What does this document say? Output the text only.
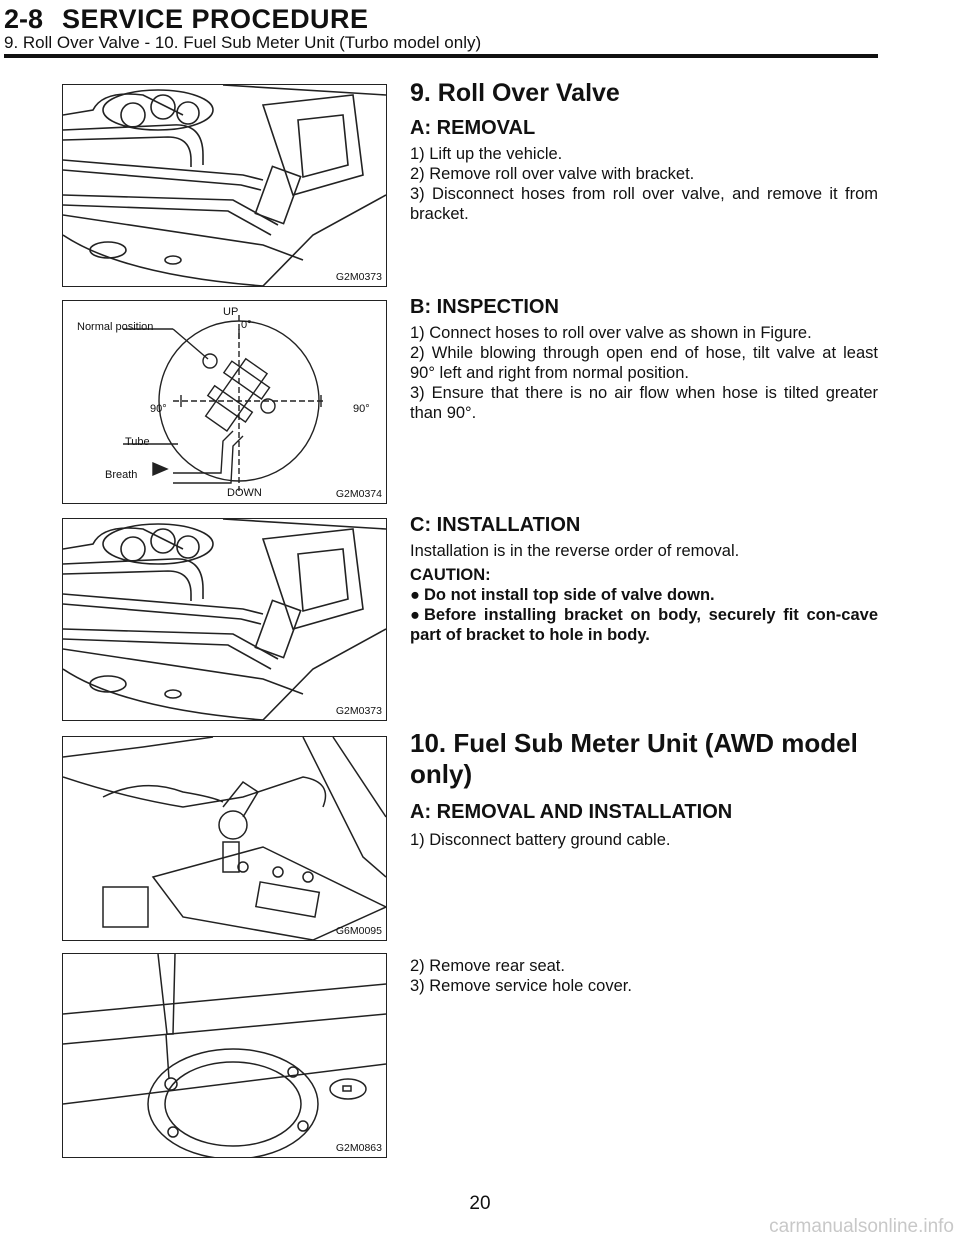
2-8 SERVICE PROCEDURE
9. Roll Over Valve - 10. Fuel Sub Meter Unit (Turbo model only)
G2M0373
UP
0°
Normal position
90°	90°
Tube
Breath
DOWN	G2M0374
G2M0373
G6M0095
G2M0863
9. Roll Over Valve
A: REMOVAL

1) Lift up the vehicle.

2) Remove roll over valve with bracket.

3) Disconnect hoses from roll over valve, and remove it from bracket.

B: INSPECTION

1) Connect hoses to roll over valve as shown in Figure.

2) While blowing through open end of hose, tilt valve at least 90° left and right from normal position.

3) Ensure that there is no air flow when hose is tilted greater than 90°.

C: INSTALLATION

Installation is in the reverse order of removal.

CAUTION:

● Do not install top side of valve down.

● Before installing bracket on body, securely fit con-cave part of bracket to hole in body.

10. Fuel Sub Meter Unit (AWD model only)
A: REMOVAL AND INSTALLATION

1) Disconnect battery ground cable.

2) Remove rear seat.

3) Remove service hole cover.

20
carmanualsonline.info
